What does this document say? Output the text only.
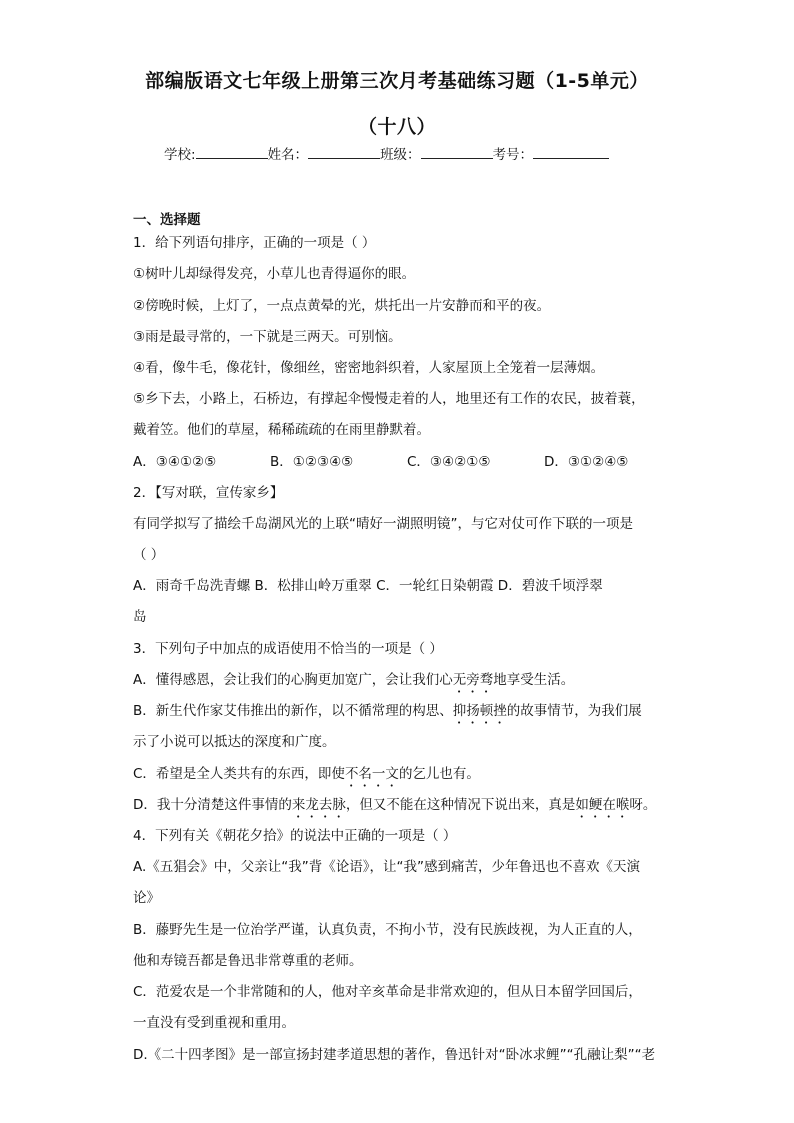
部编版语文七年级上册第三次月考基础练习题（1-5单元）
（十八）
学校:	姓名：	班级：	考号：
一、选择题
1．给下列语句排序，正确的一项是（ ）
①树叶儿却绿得发亮，小草儿也青得逼你的眼。
②傍晚时候，上灯了，一点点黄晕的光，烘托出一片安静而和平的夜。
③雨是最寻常的，一下就是三两天。可别恼。
④看，像牛毛，像花针，像细丝，密密地斜织着，人家屋顶上全笼着一层薄烟。
⑤乡下去，小路上，石桥边，有撑起伞慢慢走着的人，地里还有工作的农民，披着蓑，
戴着笠。他们的草屋，稀稀疏疏的在雨里静默着。
A．③④①②⑤	B．①②③④⑤	C．③④②①⑤	D．③①②④⑤
2．【写对联，宣传家乡】
有同学拟写了描绘千岛湖风光的上联“晴好一湖照明镜”，与它对仗可作下联的一项是
（ ）
A．雨奇千岛洗青螺 B．松排山岭万重翠 C．一轮红日染朝霞 D．碧波千顷浮翠
岛
3．下列句子中加点的成语使用不恰当的一项是（ ）
A．懂得感恩，会让我们的心胸更加宽广，会让我们心无旁骛地享受生活。
B．新生代作家艾伟推出的新作，以不循常理的构思、抑扬顿挫的故事情节，为我们展
示了小说可以抵达的深度和广度。
C．希望是全人类共有的东西，即使不名一文的乞儿也有。
D．我十分清楚这件事情的来龙去脉，但又不能在这种情况下说出来，真是如鲠在喉呀。
4．下列有关《朝花夕拾》的说法中正确的一项是（ ）
A.《五猖会》中，父亲让“我”背《论语》，让“我”感到痛苦，少年鲁迅也不喜欢《天演
论》
B．藤野先生是一位治学严谨，认真负责，不拘小节，没有民族歧视，为人正直的人，
他和寿镜吾都是鲁迅非常尊重的老师。
C．范爱农是一个非常随和的人，他对辛亥革命是非常欢迎的，但从日本留学回国后，
一直没有受到重视和重用。
D.《二十四孝图》是一部宣扬封建孝道思想的著作，鲁迅针对“卧冰求鲤”“孔融让梨”“老
